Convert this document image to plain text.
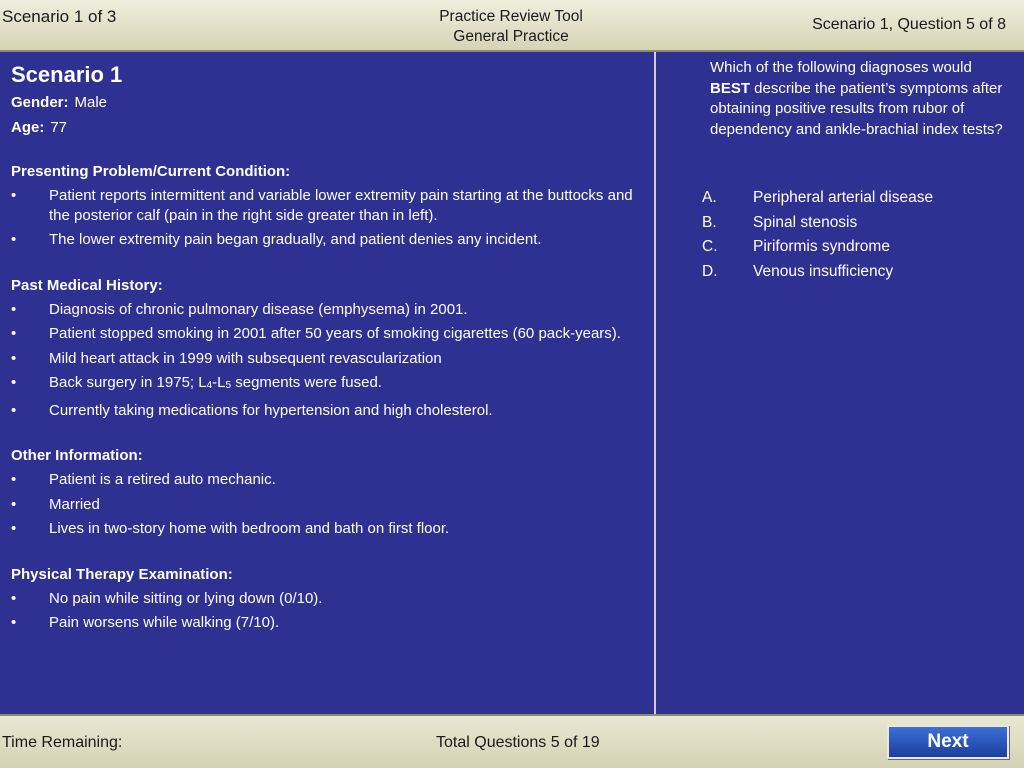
Scenario 1 of 3	Practice Review Tool
General Practice
Scenario 1, Question 5 of 8
Scenario 1
Gender: Male
Age: 77
Presenting Problem/Current Condition:
• Patient reports intermittent and variable lower extremity pain starting at the buttocks and the posterior calf (pain in the right side greater than in left).
• The lower extremity pain began gradually, and patient denies any incident.
Past Medical History:
• Diagnosis of chronic pulmonary disease (emphysema) in 2001.
• Patient stopped smoking in 2001 after 50 years of smoking cigarettes (60 pack-years).
• Mild heart attack in 1999 with subsequent revascularization
• Back surgery in 1975; $L_4-L_5$ segments were fused.
• Currently taking medications for hypertension and high cholesterol.
Other Information:
• Patient is a retired auto mechanic.
• Married
• Lives in two-story home with bedroom and bath on first floor.
Physical Therapy Examination:
• No pain while sitting or lying down (0/10).
• Pain worsens while walking (7/10).
Which of the following diagnoses would BEST describe the patient’s symptoms after obtaining positive results from rubor of dependency and ankle-brachial index tests?
A.	Peripheral arterial disease
B.	Spinal stenosis
C.	Piriformis syndrome
D.	Venous insufficiency
Time Remaining:	Total Questions 5 of 19	Next
